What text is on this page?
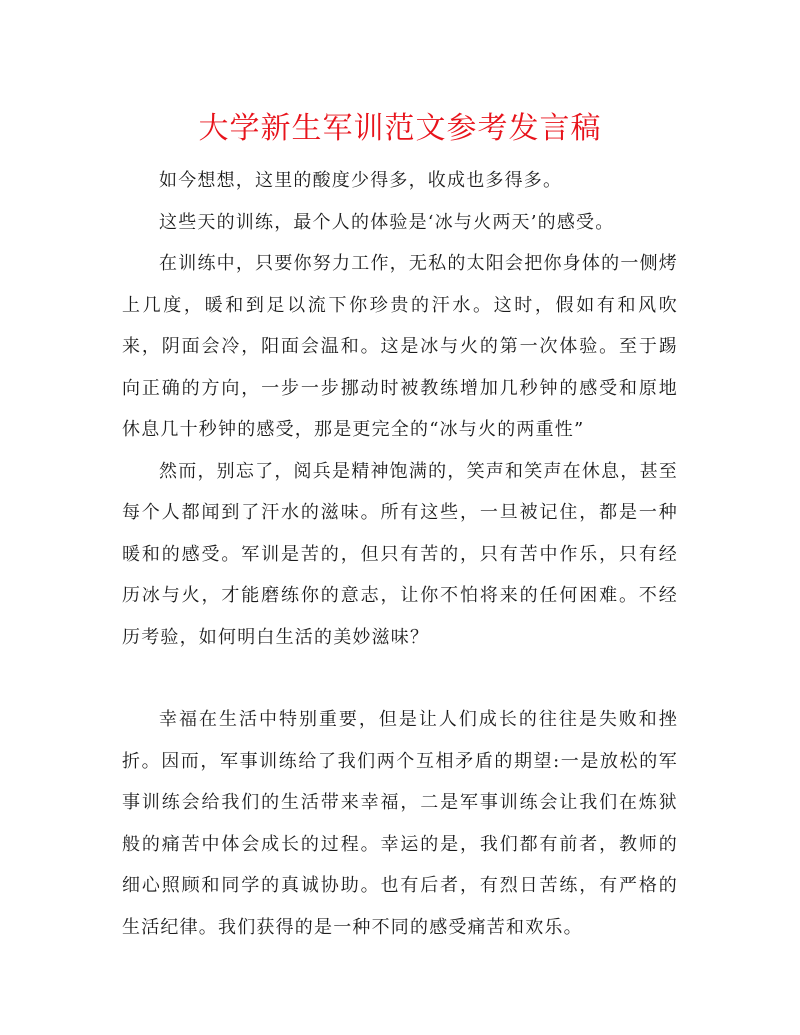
大学新生军训范文参考发言稿

如今想想，这里的酸度少得多，收成也多得多。

这些天的训练，最个人的体验是‘冰与火两天’的感受。

在训练中，只要你努力工作，无私的太阳会把你身体的一侧烤上几度，暖和到足以流下你珍贵的汗水。这时，假如有和风吹来，阴面会冷，阳面会温和。这是冰与火的第一次体验。至于踢向正确的方向，一步一步挪动时被教练增加几秒钟的感受和原地休息几十秒钟的感受，那是更完全的“冰与火的两重性”

然而，别忘了，阅兵是精神饱满的，笑声和笑声在休息，甚至每个人都闻到了汗水的滋味。所有这些，一旦被记住，都是一种暖和的感受。军训是苦的，但只有苦的，只有苦中作乐，只有经历冰与火，才能磨练你的意志，让你不怕将来的任何困难。不经历考验，如何明白生活的美妙滋味？

幸福在生活中特别重要，但是让人们成长的往往是失败和挫折。因而，军事训练给了我们两个互相矛盾的期望:一是放松的军事训练会给我们的生活带来幸福，二是军事训练会让我们在炼狱般的痛苦中体会成长的过程。幸运的是，我们都有前者，教师的细心照顾和同学的真诚协助。也有后者，有烈日苦练，有严格的生活纪律。我们获得的是一种不同的感受痛苦和欢乐。
